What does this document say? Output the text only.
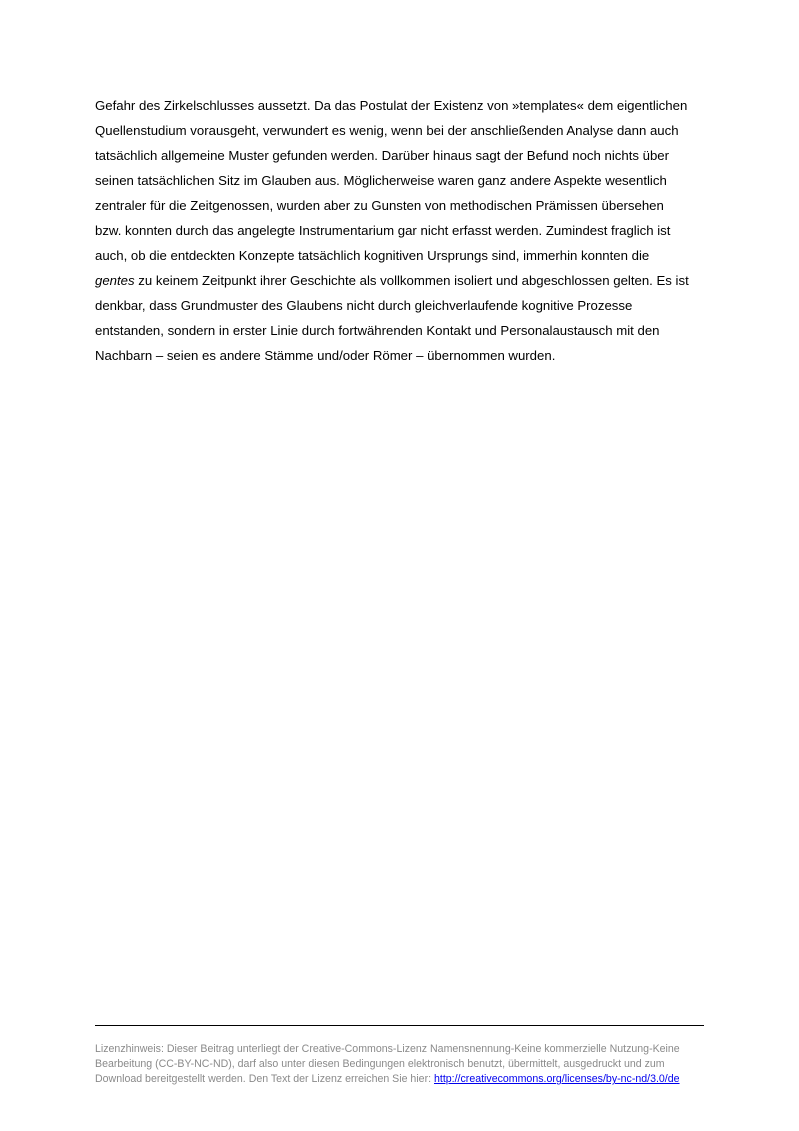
Gefahr des Zirkelschlusses aussetzt. Da das Postulat der Existenz von »templates« dem eigentlichen
Quellenstudium vorausgeht, verwundert es wenig, wenn bei der anschließenden Analyse dann auch
tatsächlich allgemeine Muster gefunden werden. Darüber hinaus sagt der Befund noch nichts über
seinen tatsächlichen Sitz im Glauben aus. Möglicherweise waren ganz andere Aspekte wesentlich
zentraler für die Zeitgenossen, wurden aber zu Gunsten von methodischen Prämissen übersehen
bzw. konnten durch das angelegte Instrumentarium gar nicht erfasst werden. Zumindest fraglich ist
auch, ob die entdeckten Konzepte tatsächlich kognitiven Ursprungs sind, immerhin konnten die
gentes zu keinem Zeitpunkt ihrer Geschichte als vollkommen isoliert und abgeschlossen gelten. Es ist
denkbar, dass Grundmuster des Glaubens nicht durch gleichverlaufende kognitive Prozesse
entstanden, sondern in erster Linie durch fortwährenden Kontakt und Personalaustausch mit den
Nachbarn – seien es andere Stämme und/oder Römer – übernommen wurden.

Lizenzhinweis: Dieser Beitrag unterliegt der Creative-Commons-Lizenz Namensnennung-Keine kommerzielle Nutzung-Keine
Bearbeitung (CC-BY-NC-ND), darf also unter diesen Bedingungen elektronisch benutzt, übermittelt, ausgedruckt und zum
Download bereitgestellt werden. Den Text der Lizenz erreichen Sie hier: http://creativecommons.org/licenses/by-nc-nd/3.0/de
